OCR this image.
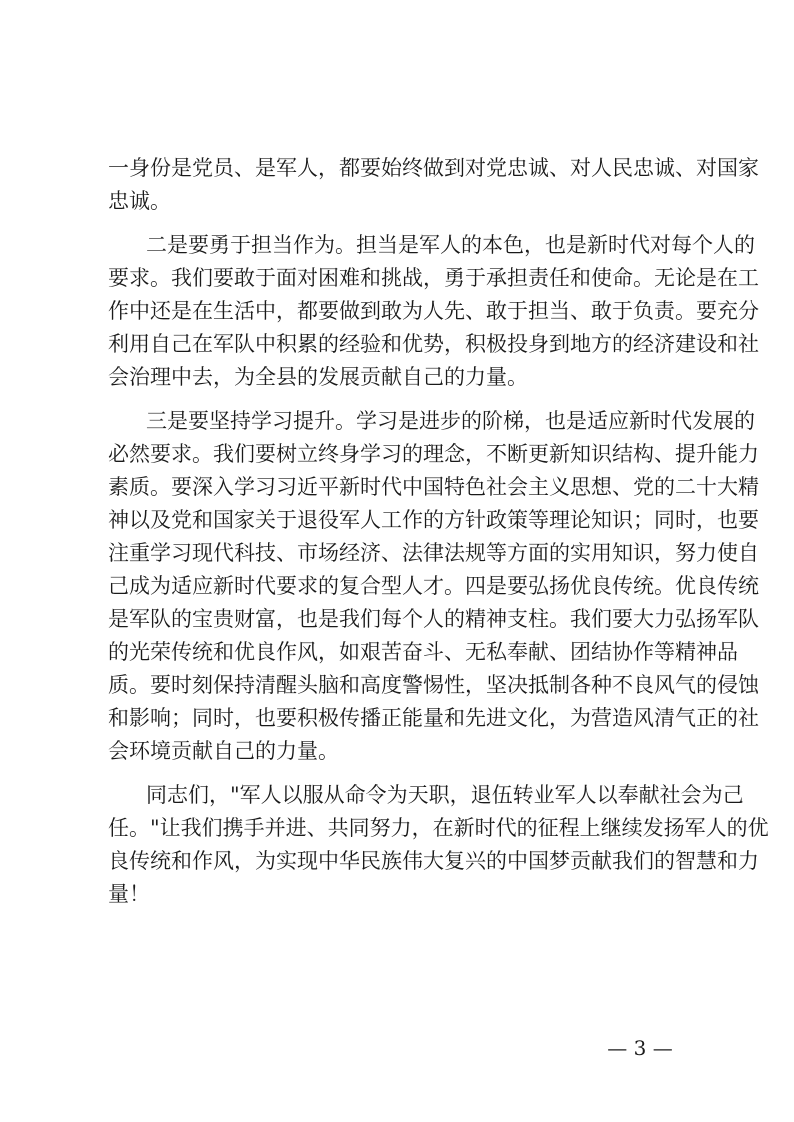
一身份是党员、是军人，都要始终做到对党忠诚、对人民忠诚、对国家
忠诚。
二是要勇于担当作为。担当是军人的本色，也是新时代对每个人的
要求。我们要敢于面对困难和挑战，勇于承担责任和使命。无论是在工
作中还是在生活中，都要做到敢为人先、敢于担当、敢于负责。要充分
利用自己在军队中积累的经验和优势，积极投身到地方的经济建设和社
会治理中去，为全县的发展贡献自己的力量。
三是要坚持学习提升。学习是进步的阶梯，也是适应新时代发展的
必然要求。我们要树立终身学习的理念，不断更新知识结构、提升能力
素质。要深入学习习近平新时代中国特色社会主义思想、党的二十大精
神以及党和国家关于退役军人工作的方针政策等理论知识；同时，也要
注重学习现代科技、市场经济、法律法规等方面的实用知识，努力使自
己成为适应新时代要求的复合型人才。四是要弘扬优良传统。优良传统
是军队的宝贵财富，也是我们每个人的精神支柱。我们要大力弘扬军队
的光荣传统和优良作风，如艰苦奋斗、无私奉献、团结协作等精神品
质。要时刻保持清醒头脑和高度警惕性，坚决抵制各种不良风气的侵蚀
和影响；同时，也要积极传播正能量和先进文化，为营造风清气正的社
会环境贡献自己的力量。
同志们，"军人以服从命令为天职，退伍转业军人以奉献社会为己
任。"让我们携手并进、共同努力，在新时代的征程上继续发扬军人的优
良传统和作风，为实现中华民族伟大复兴的中国梦贡献我们的智慧和力
量！
— 3 —
